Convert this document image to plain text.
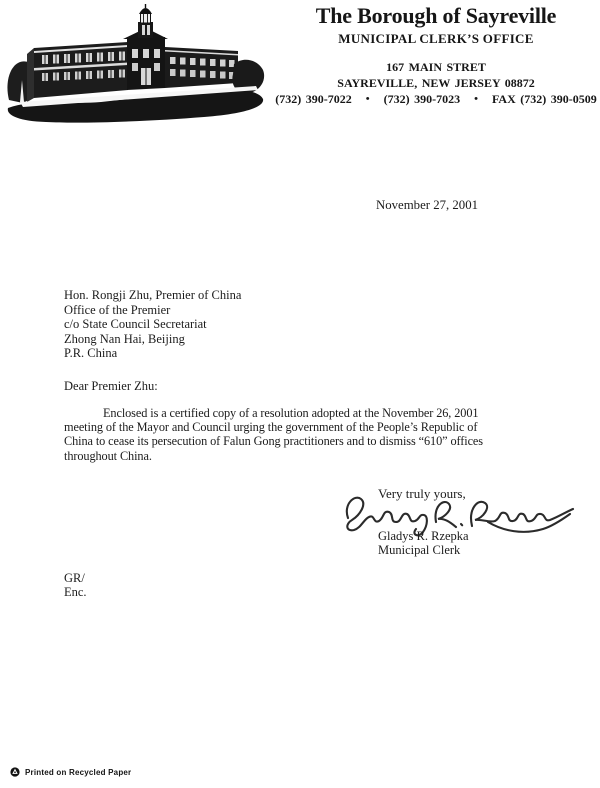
The Borough of Sayreville
MUNICIPAL CLERK’S OFFICE
167 MAIN STRET
SAYREVILLE, NEW JERSEY 08872
(732) 390-7022	•	(732) 390-7023	•	FAX (732) 390-0509
November 27, 2001
Hon. Rongji Zhu, Premier of China
Office of the Premier
c/o State Council Secretariat
Zhong Nan Hai, Beijing
P.R. China
Dear Premier Zhu:
Enclosed is a certified copy of a resolution adopted at the November 26, 2001
meeting of the Mayor and Council urging the government of the People’s Republic of
China to cease its persecution of Falun Gong practitioners and to dismiss “610” offices
throughout China.
Very truly yours,
Gladys R. Rzepka
Municipal Clerk
GR/
Enc.
Printed on Recycled Paper
